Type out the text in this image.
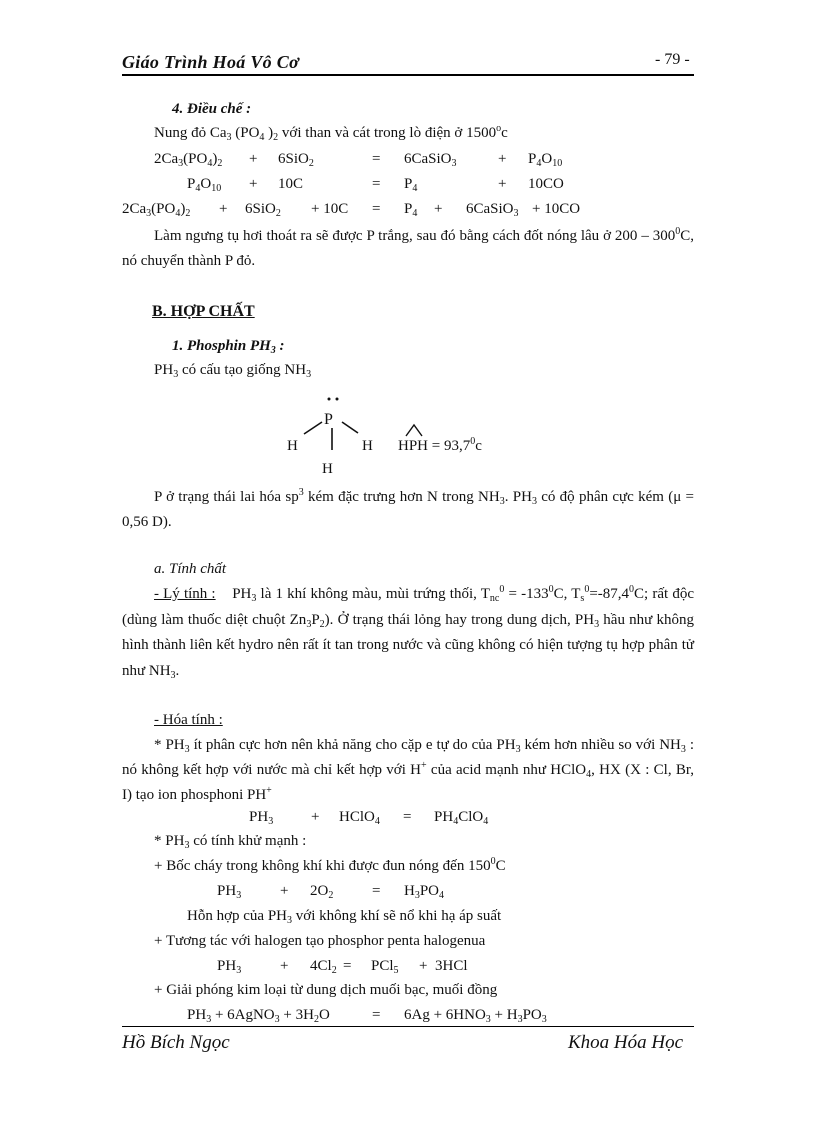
Giáo Trình Hoá Vô Cơ	- 79 -
4. Điều chế :
Nung đỏ $Ca_3$ ($PO_4$ )$_2$ với than và cát trong lò điện ở 1500$^o$c
$2Ca_3(PO_4)_2 + 6SiO_2$	= 6CaSiO$_3$	+ $P_4O_{10}$
$P_4O_{10} + 10C$	= $P_4$	+ 10CO
$2Ca_3(PO_4)_2 + 6SiO_2 + 10C = P_4$ + 6CaSiO$_3$ + 10CO
Làm ngưng tụ hơi thoát ra sẽ được P trắng, sau đó bằng cách đốt nóng lâu ở $200 - 300^0C$, nó chuyển thành P đỏ.
B. HỢP CHẤT
1. Phosphin $PH_3$ :
$PH_3$ có cấu tạo giống $NH_3$
P
H	H
H
HPH = $93,7^0c$
P ở trạng thái lai hóa $sp^3$ kém đặc trưng hơn N trong $NH_3$. $PH_3$ có độ phân cực kém (μ = 0,56 D).
a. Tính chất
- Lý tính : $PH_3$ là 1 khí không màu, mùi trứng thối, $T_{nc}^0 = -133^0C$, $T_s^0=-87,4^0C$; rất độc (dùng làm thuốc diệt chuột $Zn_3P_2$). Ở trạng thái lỏng hay trong dung dịch, $PH_3$ hầu như không hình thành liên kết hydro nên rất ít tan trong nước và cũng không có hiện tượng tụ hợp phân tử như $NH_3$.
- Hóa tính :
* $PH_3$ ít phân cực hơn nên khả năng cho cặp e tự do của $PH_3$ kém hơn nhiều so với $NH_3$ : nó không kết hợp với nước mà chỉ kết hợp với H+ của acid mạnh như HClO$_4$, HX (X : Cl, Br, I) tạo ion phosphoni PH+
$PH_3$	+ HClO$_4$ = $PH_4ClO_4$
* $PH_3$ có tính khử mạnh :
+ Bốc cháy trong không khí khi được đun nóng đến $150^0C$
$PH_3$	+ $2O_2$	= $H_3PO_4$
Hỗn hợp của $PH_3$ với không khí sẽ nổ khi hạ áp suất
+ Tương tác với halogen tạo phosphor penta halogenua
$PH_3$	+ $4Cl_2 = PCl_5 + 3HCl$
+ Giải phóng kim loại từ dung dịch muối bạc, muối đồng
$PH_3$ + 6AgNO$_3$ + $3H_2O$	= $6Ag + 6HNO_3 + H_3PO_3$
Hồ Bích Ngọc	Khoa Hóa Học
